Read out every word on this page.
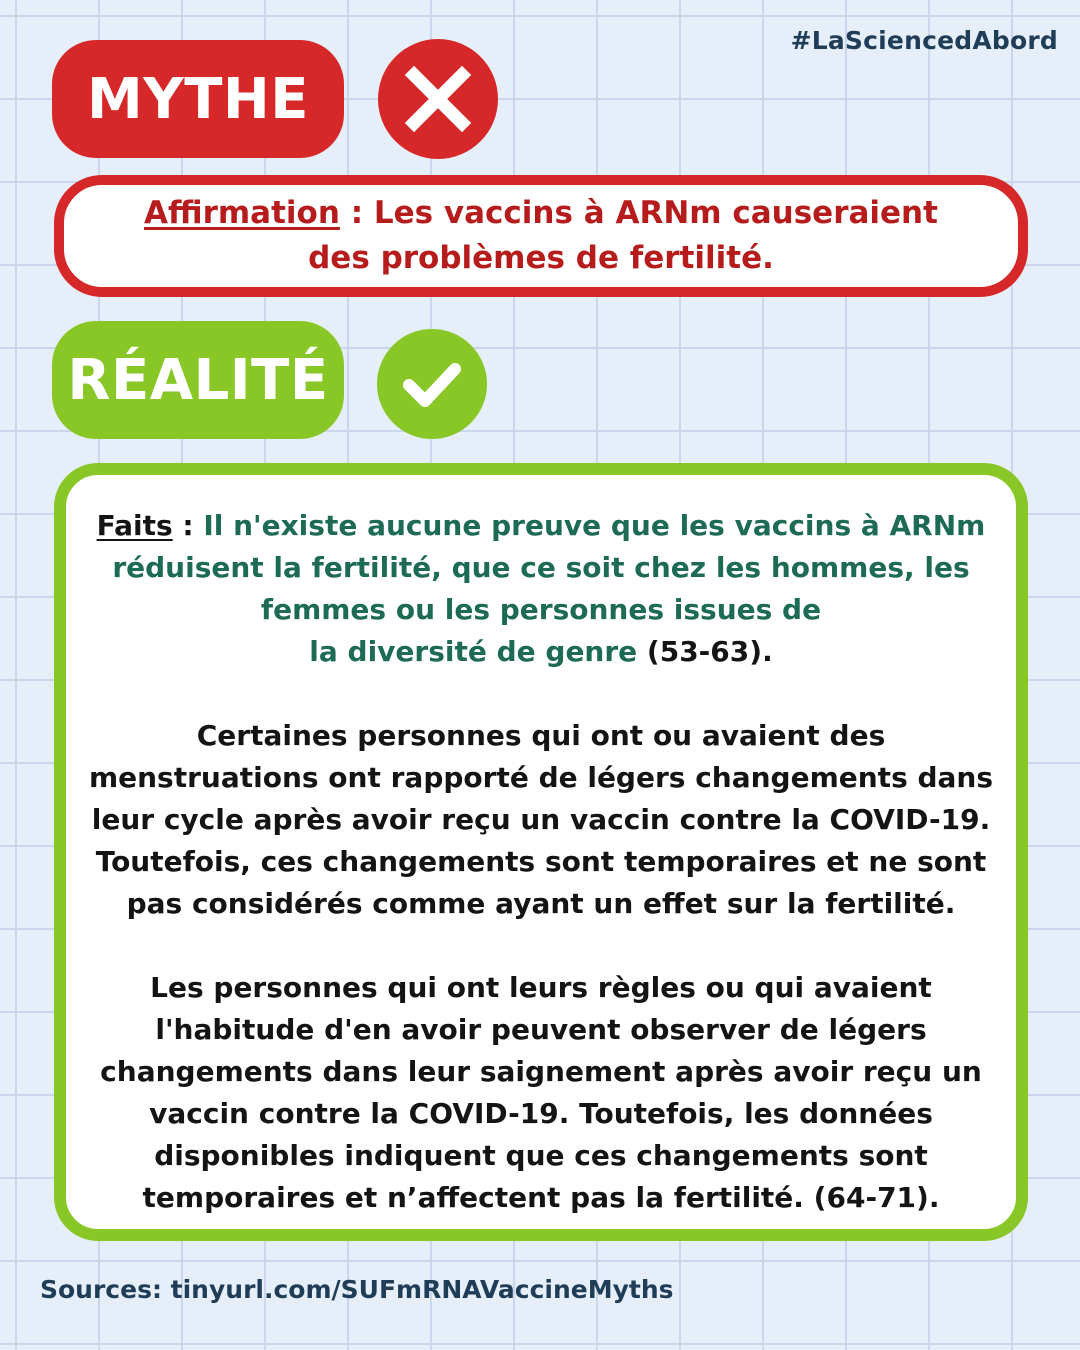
#LaSciencedAbord
MYTHE
Affirmation : Les vaccins à ARNm causeraient
des problèmes de fertilité.
RÉALITÉ

Faits : Il n'existe aucune preuve que les vaccins à ARNm
réduisent la fertilité, que ce soit chez les hommes, les
femmes ou les personnes issues de
la diversité de genre (53-63).

Certaines personnes qui ont ou avaient des
menstruations ont rapporté de légers changements dans
leur cycle après avoir reçu un vaccin contre la COVID-19.
Toutefois, ces changements sont temporaires et ne sont
pas considérés comme ayant un effet sur la fertilité.

Les personnes qui ont leurs règles ou qui avaient
l'habitude d'en avoir peuvent observer de légers
changements dans leur saignement après avoir reçu un
vaccin contre la COVID-19. Toutefois, les données
disponibles indiquent que ces changements sont
temporaires et n’affectent pas la fertilité. (64-71).

Sources: tinyurl.com/SUFmRNAVaccineMyths
